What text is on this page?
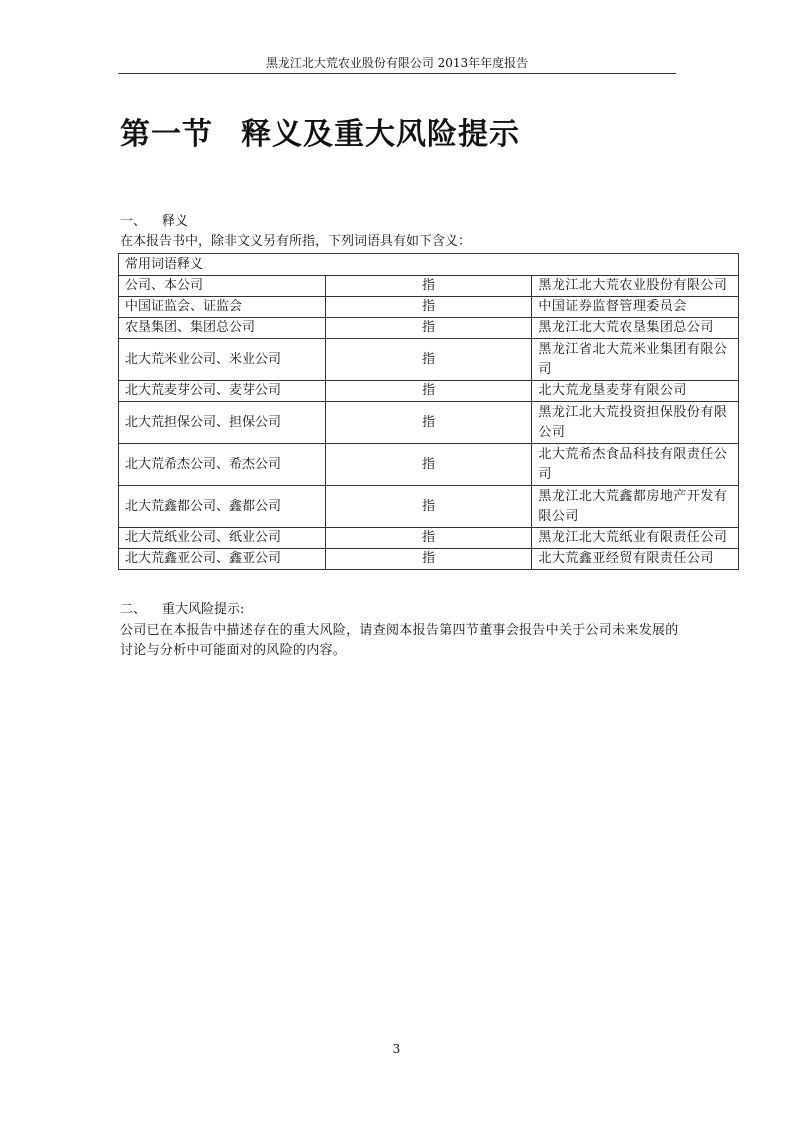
黑龙江北大荒农业股份有限公司 2013年年度报告
第一节 释义及重大风险提示
一、 释义
在本报告书中，除非文义另有所指，下列词语具有如下含义：
常用词语释义		
公司、本公司	指	黑龙江北大荒农业股份有限公司
中国证监会、证监会	指	中国证券监督管理委员会
农垦集团、集团总公司	指	黑龙江北大荒农垦集团总公司
北大荒米业公司、米业公司	指	黑龙江省北大荒米业集团有限公司
北大荒麦芽公司、麦芽公司	指	北大荒龙垦麦芽有限公司
北大荒担保公司、担保公司	指	黑龙江北大荒投资担保股份有限公司
北大荒希杰公司、希杰公司	指	北大荒希杰食品科技有限责任公司
北大荒鑫都公司、鑫都公司	指	黑龙江北大荒鑫都房地产开发有限公司
北大荒纸业公司、纸业公司	指	黑龙江北大荒纸业有限责任公司
北大荒鑫亚公司、鑫亚公司	指	北大荒鑫亚经贸有限责任公司
二、 重大风险提示:
公司已在本报告中描述存在的重大风险，请查阅本报告第四节董事会报告中关于公司未来发展的讨论与分析中可能面对的风险的内容。
3
